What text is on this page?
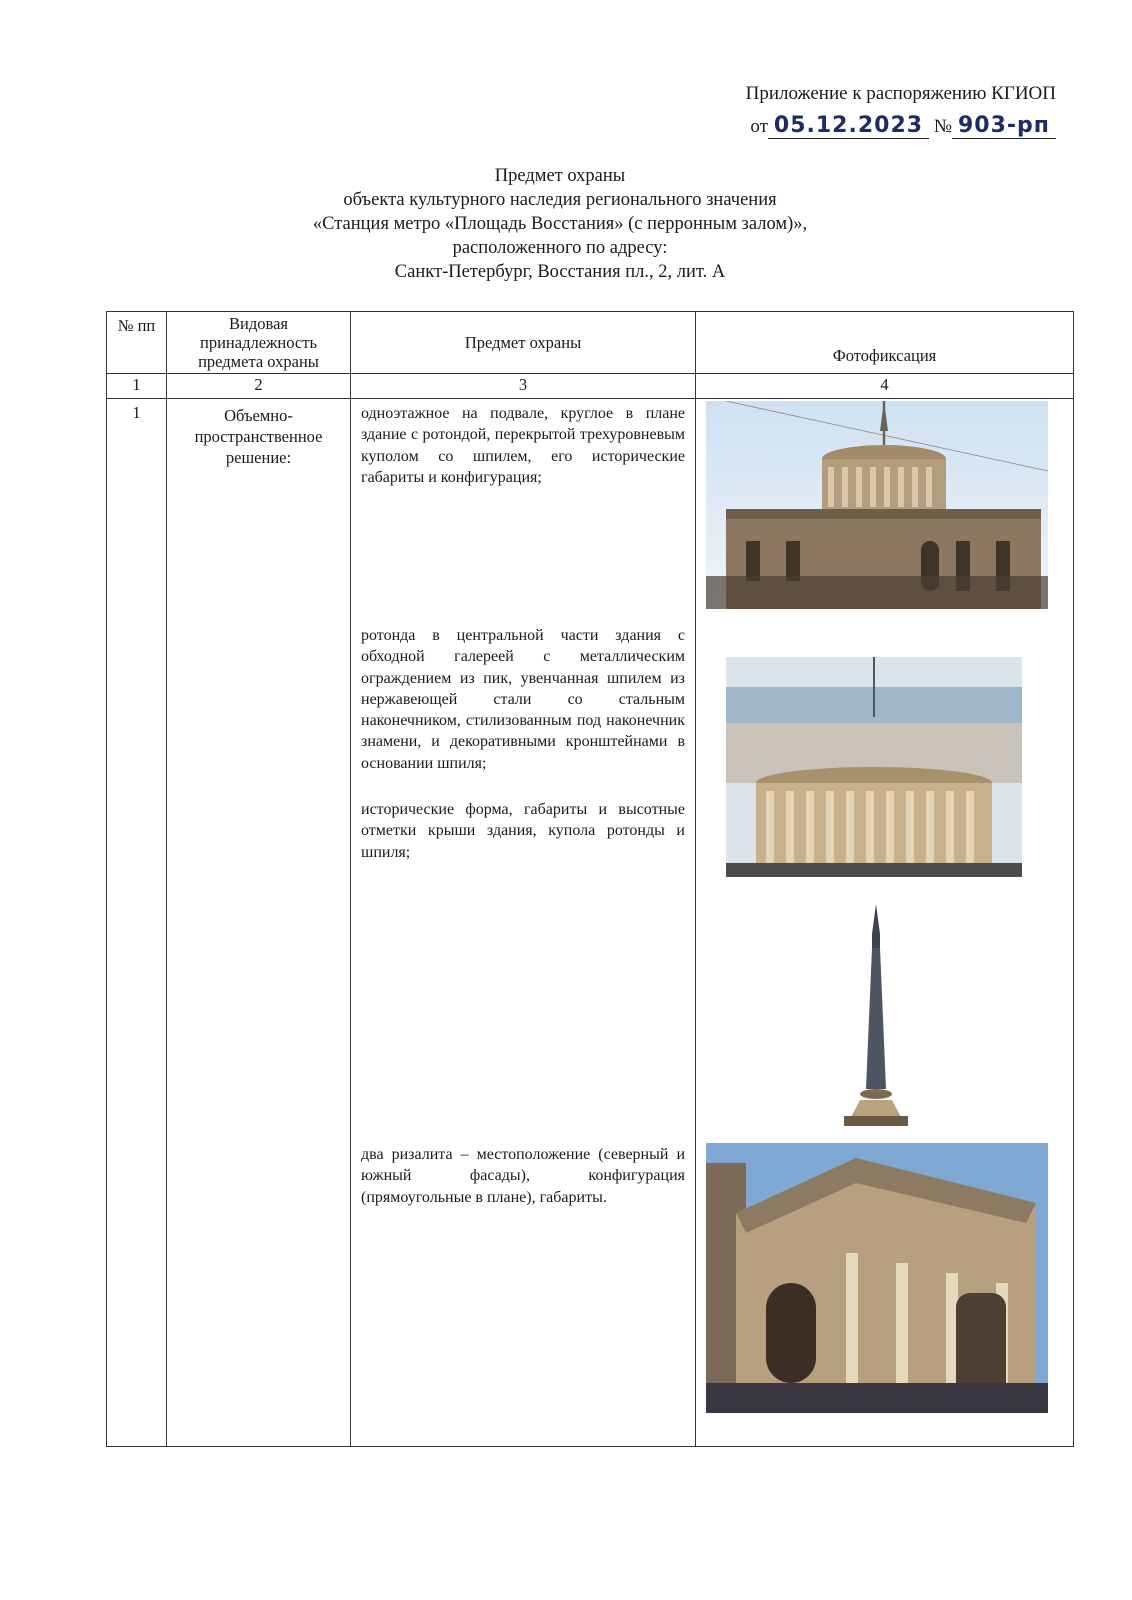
Приложение к распоряжению КГИОП
от 05.12.2023 № 903-рп
Предмет охраны
объекта культурного наследия регионального значения
«Станция метро «Площадь Восстания» (с перронным залом)»,
расположенного по адресу:
Санкт-Петербург, Восстания пл., 2, лит. А
№ пп	Видовая принадлежность предмета охраны	Предмет охраны	Фотофиксация
1	2	3	4
1	Объемно-пространственное решение:	одноэтажное на подвале, круглое в плане здание с ротондой, перекрытой трехуровневым куполом со шпилем, его исторические габариты и конфигурация;
ротонда в центральной части здания с обходной галереей с металлическим ограждением из пик, увенчанная шпилем из нержавеющей стали со стальным наконечником, стилизованным под наконечник знамени, и декоративными кронштейнами в основании шпиля;
исторические форма, габариты и высотные отметки крыши здания, купола ротонды и шпиля;
два ризалита – местоположение (северный и южный фасады), конфигурация (прямоугольные в плане), габариты.
